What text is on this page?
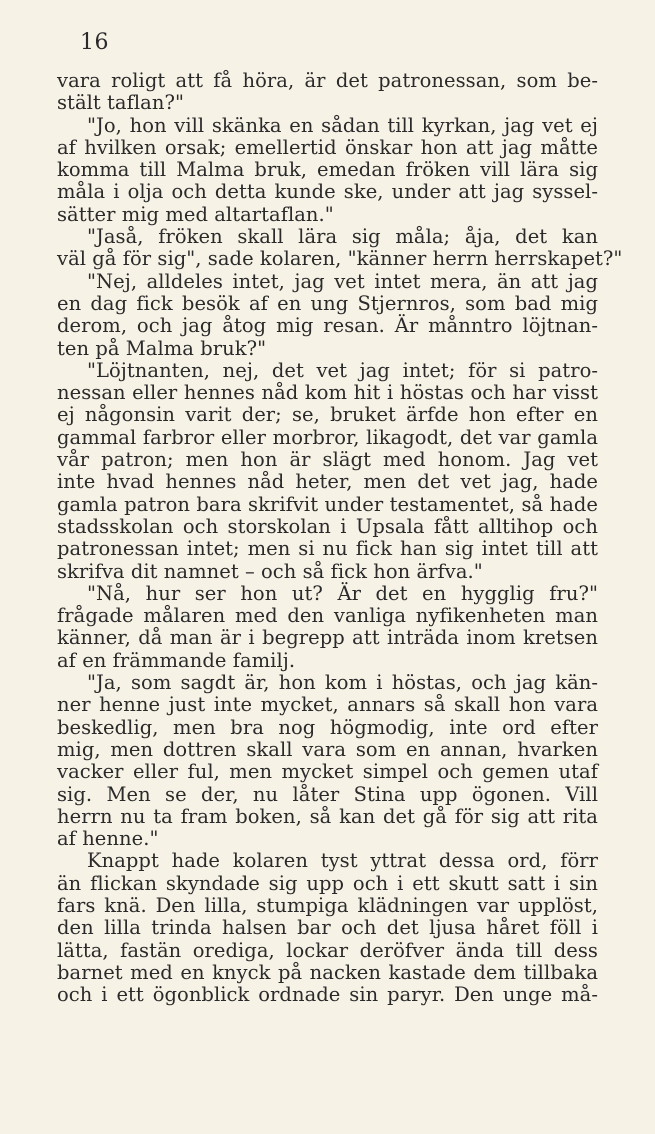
16
vara roligt att få höra, är det patronessan, som be-
stält taflan?"
"Jo, hon vill skänka en sådan till kyrkan, jag vet ej
af hvilken orsak; emellertid önskar hon att jag måtte
komma till Malma bruk, emedan fröken vill lära sig
måla i olja och detta kunde ske, under att jag syssel-
sätter mig med altartaflan."
"Jaså, fröken skall lära sig måla; åja, det kan
väl gå för sig", sade kolaren, "känner herrn herrskapet?"
"Nej, alldeles intet, jag vet intet mera, än att jag
en dag fick besök af en ung Stjernros, som bad mig
derom, och jag åtog mig resan. Är månntro löjtnan-
ten på Malma bruk?"
"Löjtnanten, nej, det vet jag intet; för si patro-
nessan eller hennes nåd kom hit i höstas och har visst
ej någonsin varit der; se, bruket ärfde hon efter en
gammal farbror eller morbror, likagodt, det var gamla
vår patron; men hon är slägt med honom. Jag vet
inte hvad hennes nåd heter, men det vet jag, hade
gamla patron bara skrifvit under testamentet, så hade
stadsskolan och storskolan i Upsala fått alltihop och
patronessan intet; men si nu fick han sig intet till att
skrifva dit namnet – och så fick hon ärfva."
"Nå, hur ser hon ut? Är det en hygglig fru?"
frågade målaren med den vanliga nyfikenheten man
känner, då man är i begrepp att inträda inom kretsen
af en främmande familj.
"Ja, som sagdt är, hon kom i höstas, och jag kän-
ner henne just inte mycket, annars så skall hon vara
beskedlig, men bra nog högmodig, inte ord efter
mig, men dottren skall vara som en annan, hvarken
vacker eller ful, men mycket simpel och gemen utaf
sig. Men se der, nu låter Stina upp ögonen. Vill
herrn nu ta fram boken, så kan det gå för sig att rita
af henne."
Knappt hade kolaren tyst yttrat dessa ord, förr
än flickan skyndade sig upp och i ett skutt satt i sin
fars knä. Den lilla, stumpiga klädningen var upplöst,
den lilla trinda halsen bar och det ljusa håret föll i
lätta, fastän orediga, lockar deröfver ända till dess
barnet med en knyck på nacken kastade dem tillbaka
och i ett ögonblick ordnade sin paryr. Den unge må-
